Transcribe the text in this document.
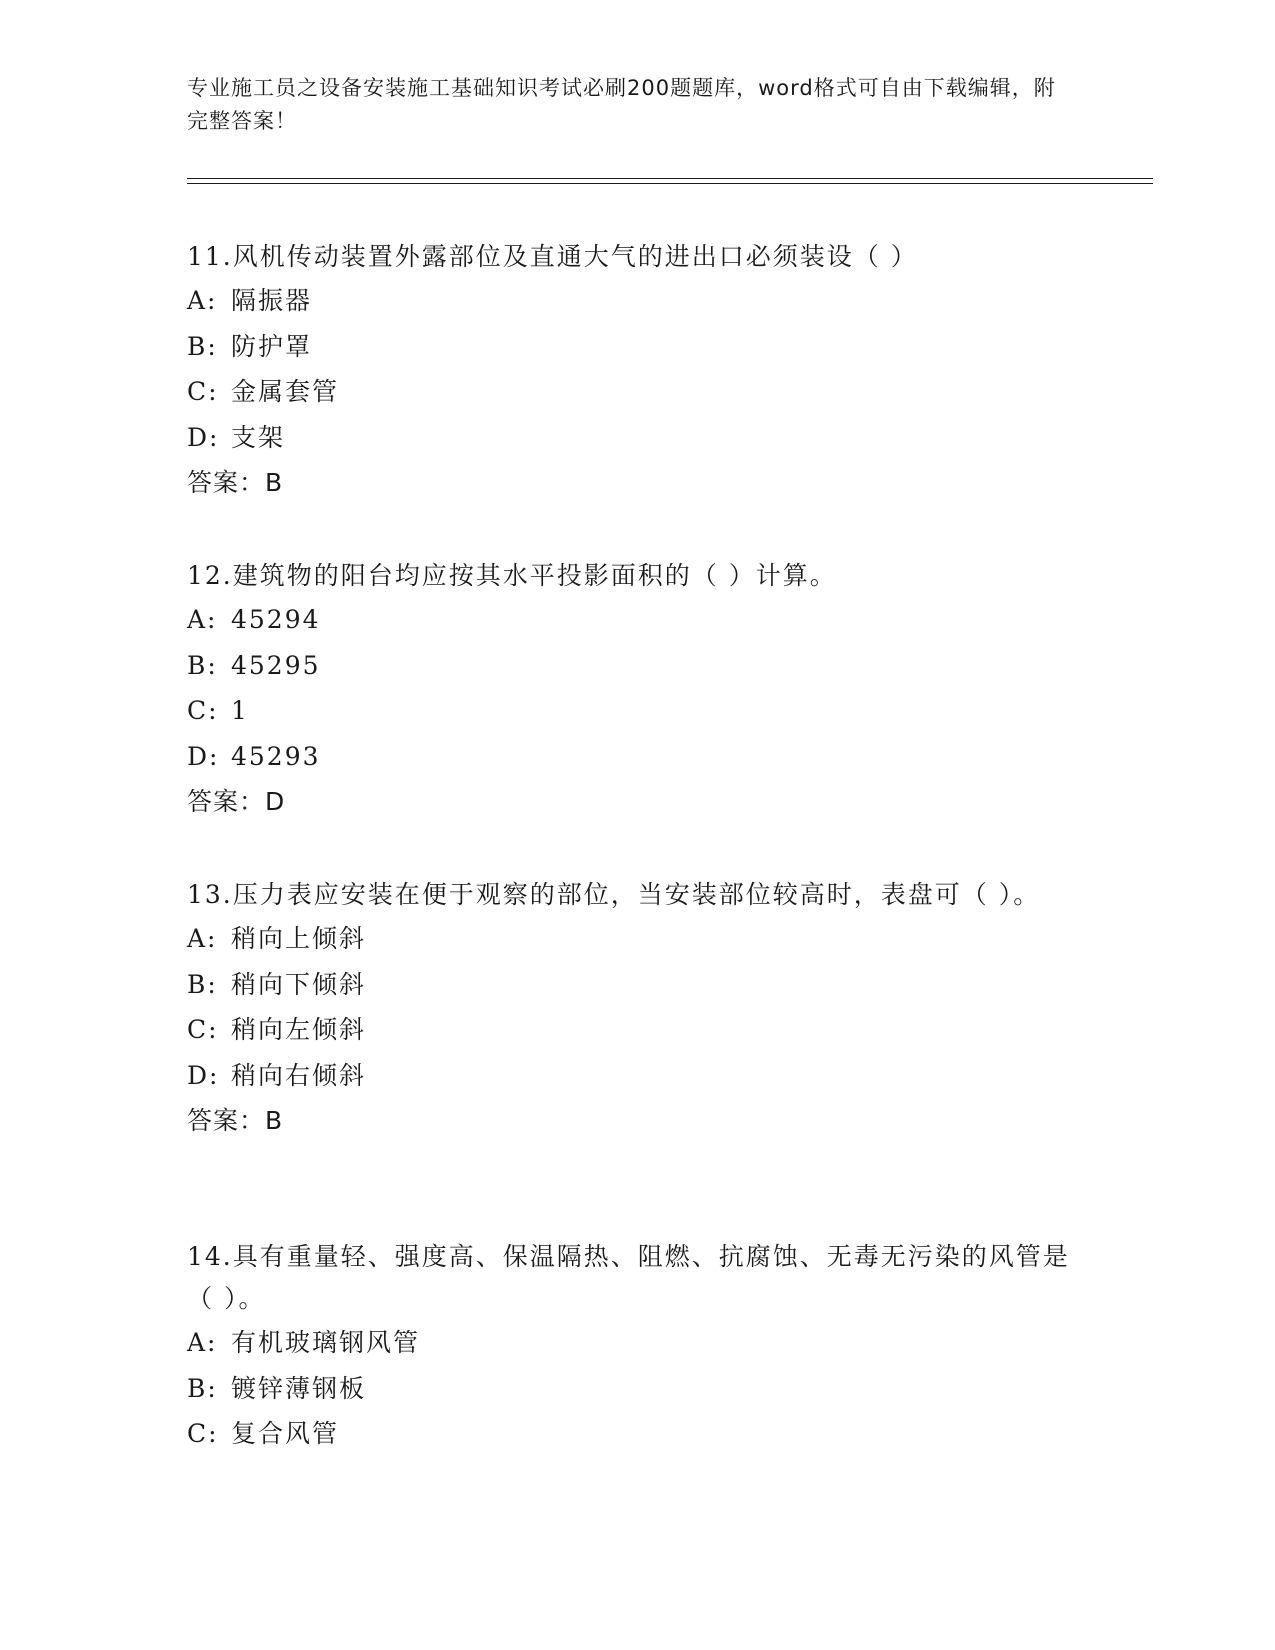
专业施工员之设备安装施工基础知识考试必刷200题题库，word格式可自由下载编辑，附完整答案！

11.风机传动装置外露部位及直通大气的进出口必须装设（ ）

A: 隔振器

B: 防护罩

C: 金属套管

D: 支架

答案：B

12.建筑物的阳台均应按其水平投影面积的（ ）计算。

A: 45294

B: 45295

C: 1

D: 45293

答案：D

13.压力表应安装在便于观察的部位，当安装部位较高时，表盘可（ ）。

A: 稍向上倾斜

B: 稍向下倾斜

C: 稍向左倾斜

D: 稍向右倾斜

答案：B

14.具有重量轻、强度高、保温隔热、阻燃、抗腐蚀、无毒无污染的风管是（ ）。

A: 有机玻璃钢风管

B: 镀锌薄钢板

C: 复合风管
